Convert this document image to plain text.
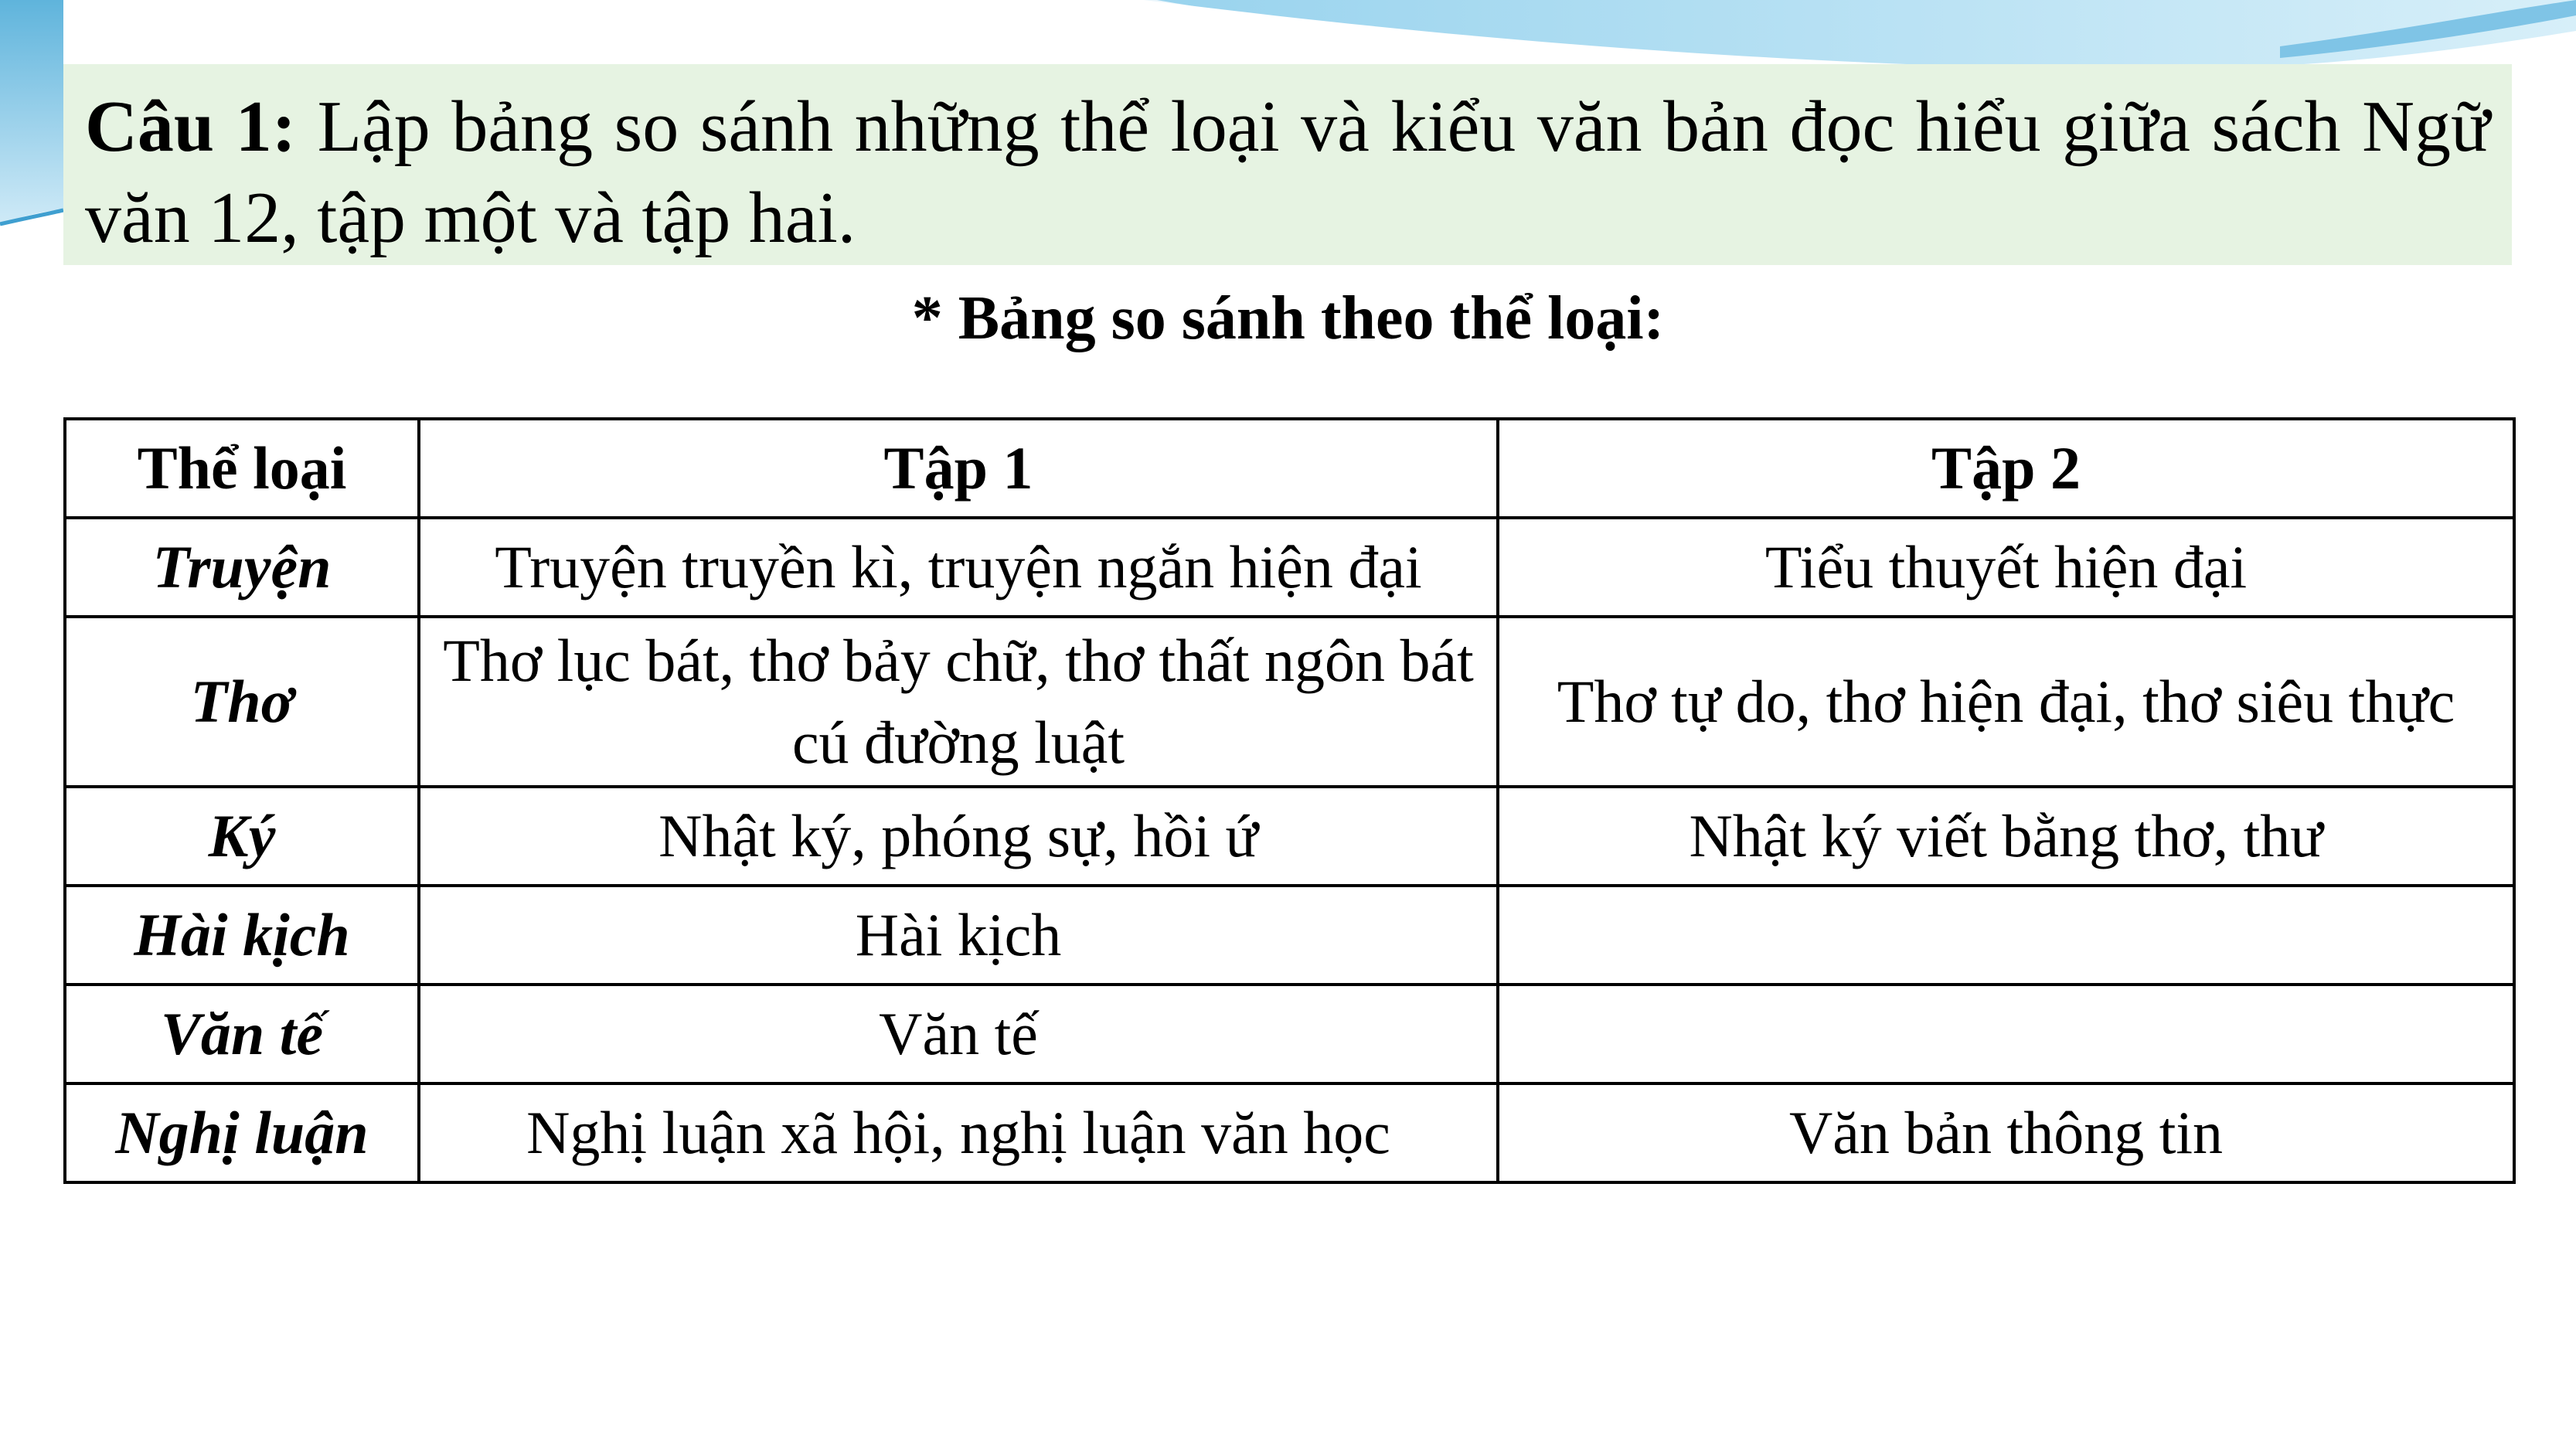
Câu 1: Lập bảng so sánh những thể loại và kiểu văn bản đọc hiểu giữa sách Ngữ văn 12, tập một và tập hai.

* Bảng so sánh theo thể loại:
Thể loại	Tập 1	Tập 2
Truyện	Truyện truyền kì, truyện ngắn hiện đại	Tiểu thuyết hiện đại
Thơ	Thơ lục bát, thơ bảy chữ, thơ thất ngôn bát cú đường luật	Thơ tự do, thơ hiện đại, thơ siêu thực
Ký	Nhật ký, phóng sự, hồi ứ	Nhật ký viết bằng thơ, thư
Hài kịch	Hài kịch	
Văn tế	Văn tế	
Nghị luận	Nghị luận xã hội, nghị luận văn học	Văn bản thông tin
